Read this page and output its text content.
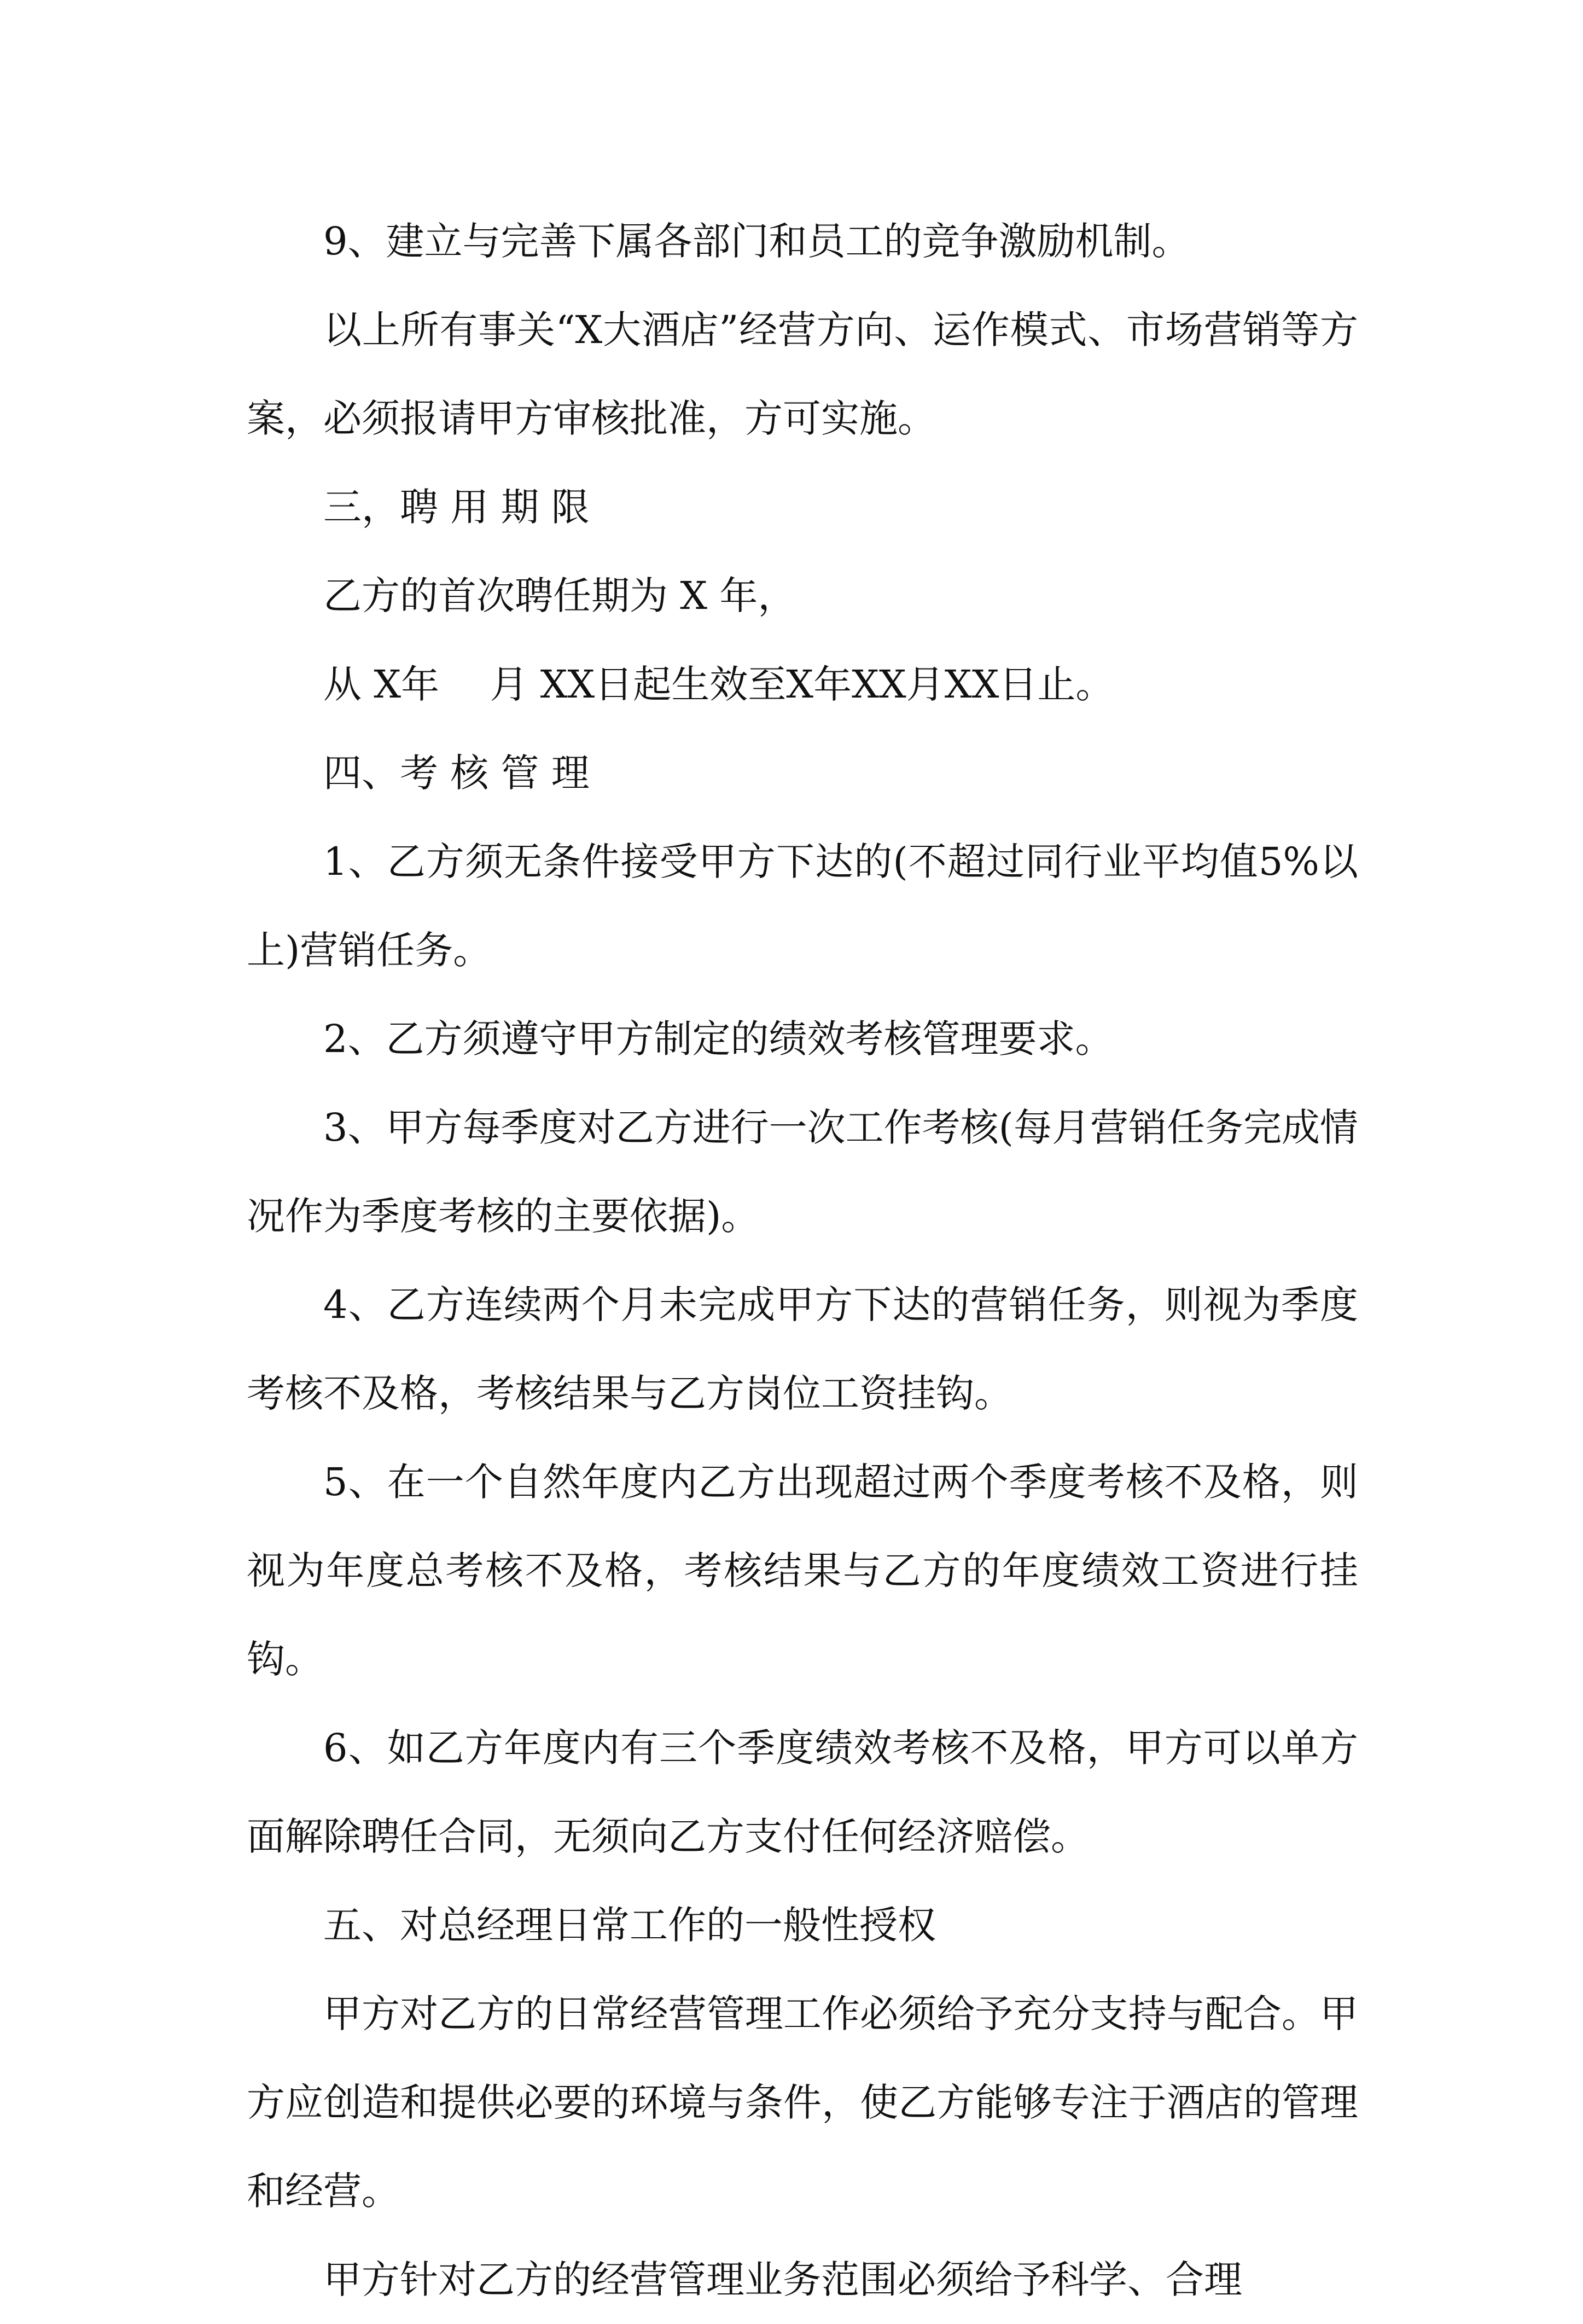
9、建立与完善下属各部门和员工的竞争激励机制。

以上所有事关“X大酒店”经营方向、运作模式、市场营销等方案，必须报请甲方审核批准，方可实施。

三，聘 用 期 限

乙方的首次聘任期为 X 年，

从 X年　 月 XX日起生效至X年XX月XX日止。

四、考 核 管 理

1、乙方须无条件接受甲方下达的(不超过同行业平均值5%以上)营销任务。

2、乙方须遵守甲方制定的绩效考核管理要求。

3、甲方每季度对乙方进行一次工作考核(每月营销任务完成情况作为季度考核的主要依据)。

4、乙方连续两个月未完成甲方下达的营销任务，则视为季度考核不及格，考核结果与乙方岗位工资挂钩。

5、在一个自然年度内乙方出现超过两个季度考核不及格，则视为年度总考核不及格，考核结果与乙方的年度绩效工资进行挂钩。

6、如乙方年度内有三个季度绩效考核不及格，甲方可以单方面解除聘任合同，无须向乙方支付任何经济赔偿。

五、对总经理日常工作的一般性授权

甲方对乙方的日常经营管理工作必须给予充分支持与配合。甲方应创造和提供必要的环境与条件，使乙方能够专注于酒店的管理和经营。

甲方针对乙方的经营管理业务范围必须给予科学、合理
